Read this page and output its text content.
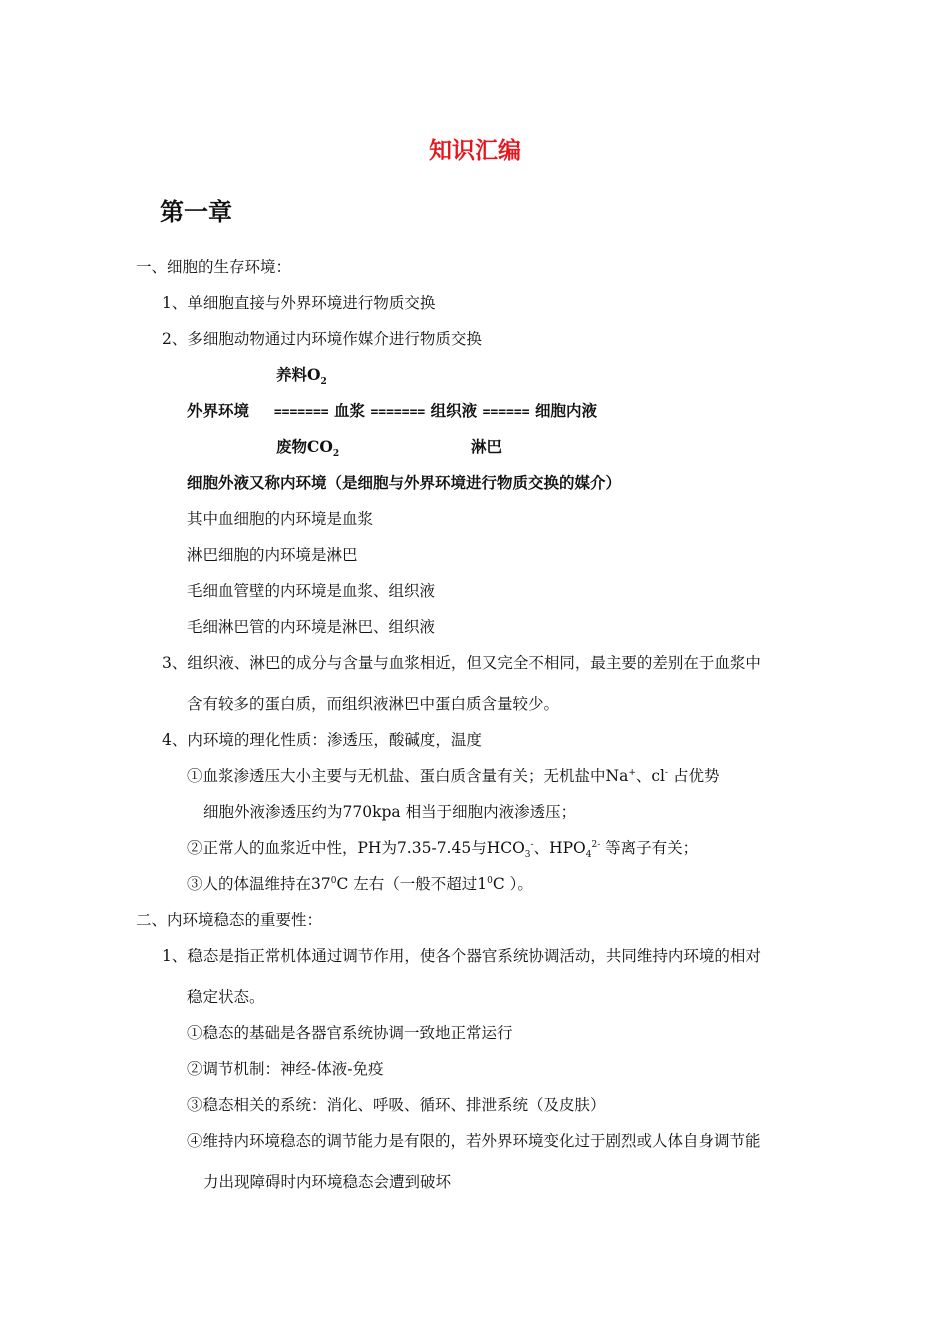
知识汇编
第一章
一、细胞的生存环境：
1、单细胞直接与外界环境进行物质交换
2、多细胞动物通过内环境作媒介进行物质交换
养料$O_2$
外界环境 ======= 血浆 ======= 组织液 ====== 细胞内液
废物$CO_2$	淋巴
细胞外液又称内环境（是细胞与外界环境进行物质交换的媒介）
其中血细胞的内环境是血浆
淋巴细胞的内环境是淋巴
毛细血管壁的内环境是血浆、组织液
毛细淋巴管的内环境是淋巴、组织液
3、组织液、淋巴的成分与含量与血浆相近，但又完全不相同，最主要的差别在于血浆中
含有较多的蛋白质，而组织液淋巴中蛋白质含量较少。
4、内环境的理化性质：渗透压，酸碱度，温度
①血浆渗透压大小主要与无机盐、蛋白质含量有关；无机盐中Na+、cl- 占优势
细胞外液渗透压约为770kpa 相当于细胞内液渗透压；
②正常人的血浆近中性，PH为7.35-7.45与$HCO_3^-$、$HPO_4^{2-}$ 等离子有关；
③人的体温维持在$37^0C$ 左右（一般不超过$1^0C$ ）。
二、内环境稳态的重要性：
1、稳态是指正常机体通过调节作用，使各个器官系统协调活动，共同维持内环境的相对
稳定状态。
①稳态的基础是各器官系统协调一致地正常运行
②调节机制：神经-体液-免疫
③稳态相关的系统：消化、呼吸、循环、排泄系统（及皮肤）
④维持内环境稳态的调节能力是有限的，若外界环境变化过于剧烈或人体自身调节能
力出现障碍时内环境稳态会遭到破坏
